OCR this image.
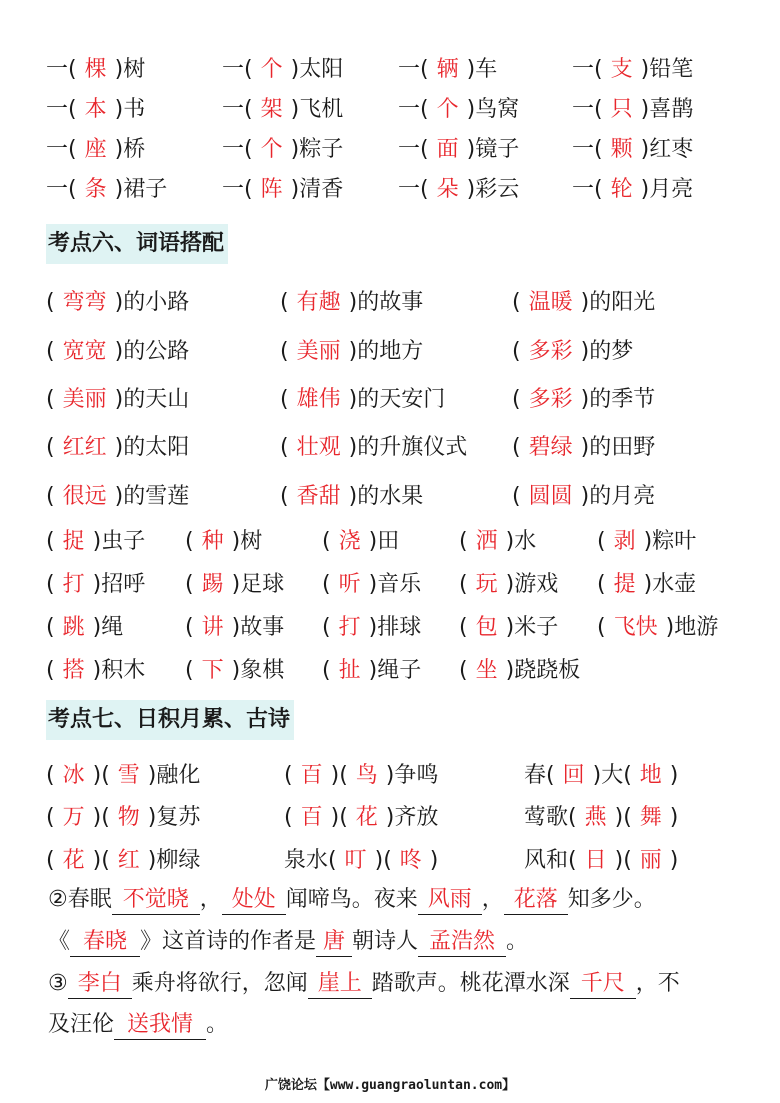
一( 棵 )树	一( 个 )太阳 一( 辆 )车	一( 支 )铅笔
一( 本 )书	一( 架 )飞机 一( 个 )鸟窝 一( 只 )喜鹊
一( 座 )桥	一( 个 )粽子 一( 面 )镜子 一( 颗 )红枣
一( 条 )裙子 一( 阵 )清香 一( 朵 )彩云 一( 轮 )月亮
考点六、词语搭配
( 弯弯 )的小路	( 有趣 )的故事	( 温暖 )的阳光
( 宽宽 )的公路	( 美丽 )的地方	( 多彩 )的梦
( 美丽 )的天山	( 雄伟 )的天安门	( 多彩 )的季节
( 红红 )的太阳	( 壮观 )的升旗仪式 ( 碧绿 )的田野
( 很远 )的雪莲	( 香甜 )的水果	( 圆圆 )的月亮
( 捉 )虫子 ( 种 )树	( 浇 )田	( 洒 )水	( 剥 )粽叶
( 打 )招呼 ( 踢 )足球 ( 听 )音乐 ( 玩 )游戏 ( 提 )水壶
( 跳 )绳	( 讲 )故事 ( 打 )排球 ( 包 )米子 ( 飞快 )地游
( 搭 )积木 ( 下 )象棋 ( 扯 )绳子 ( 坐 )跷跷板
考点七、日积月累、古诗
( 冰 )( 雪 )融化	( 百 )( 鸟 )争鸣	春( 回 )大( 地 )
( 万 )( 物 )复苏	( 百 )( 花 )齐放	莺歌( 燕 )( 舞 )
( 花 )( 红 )柳绿	泉水( 叮 )( 咚 )	风和( 日 )( 丽 )
②春眠 不觉晓 ， 处处 闻啼鸟。夜来 风雨 ， 花落 知多少。
《 春晓 》这首诗的作者是 唐 朝诗人 孟浩然 。
③ 李白 乘舟将欲行，忽闻 崖上 踏歌声。桃花潭水深 千尺 ，不
及汪伦 送我情 。
广饶论坛【www.guangraoluntan.com】
